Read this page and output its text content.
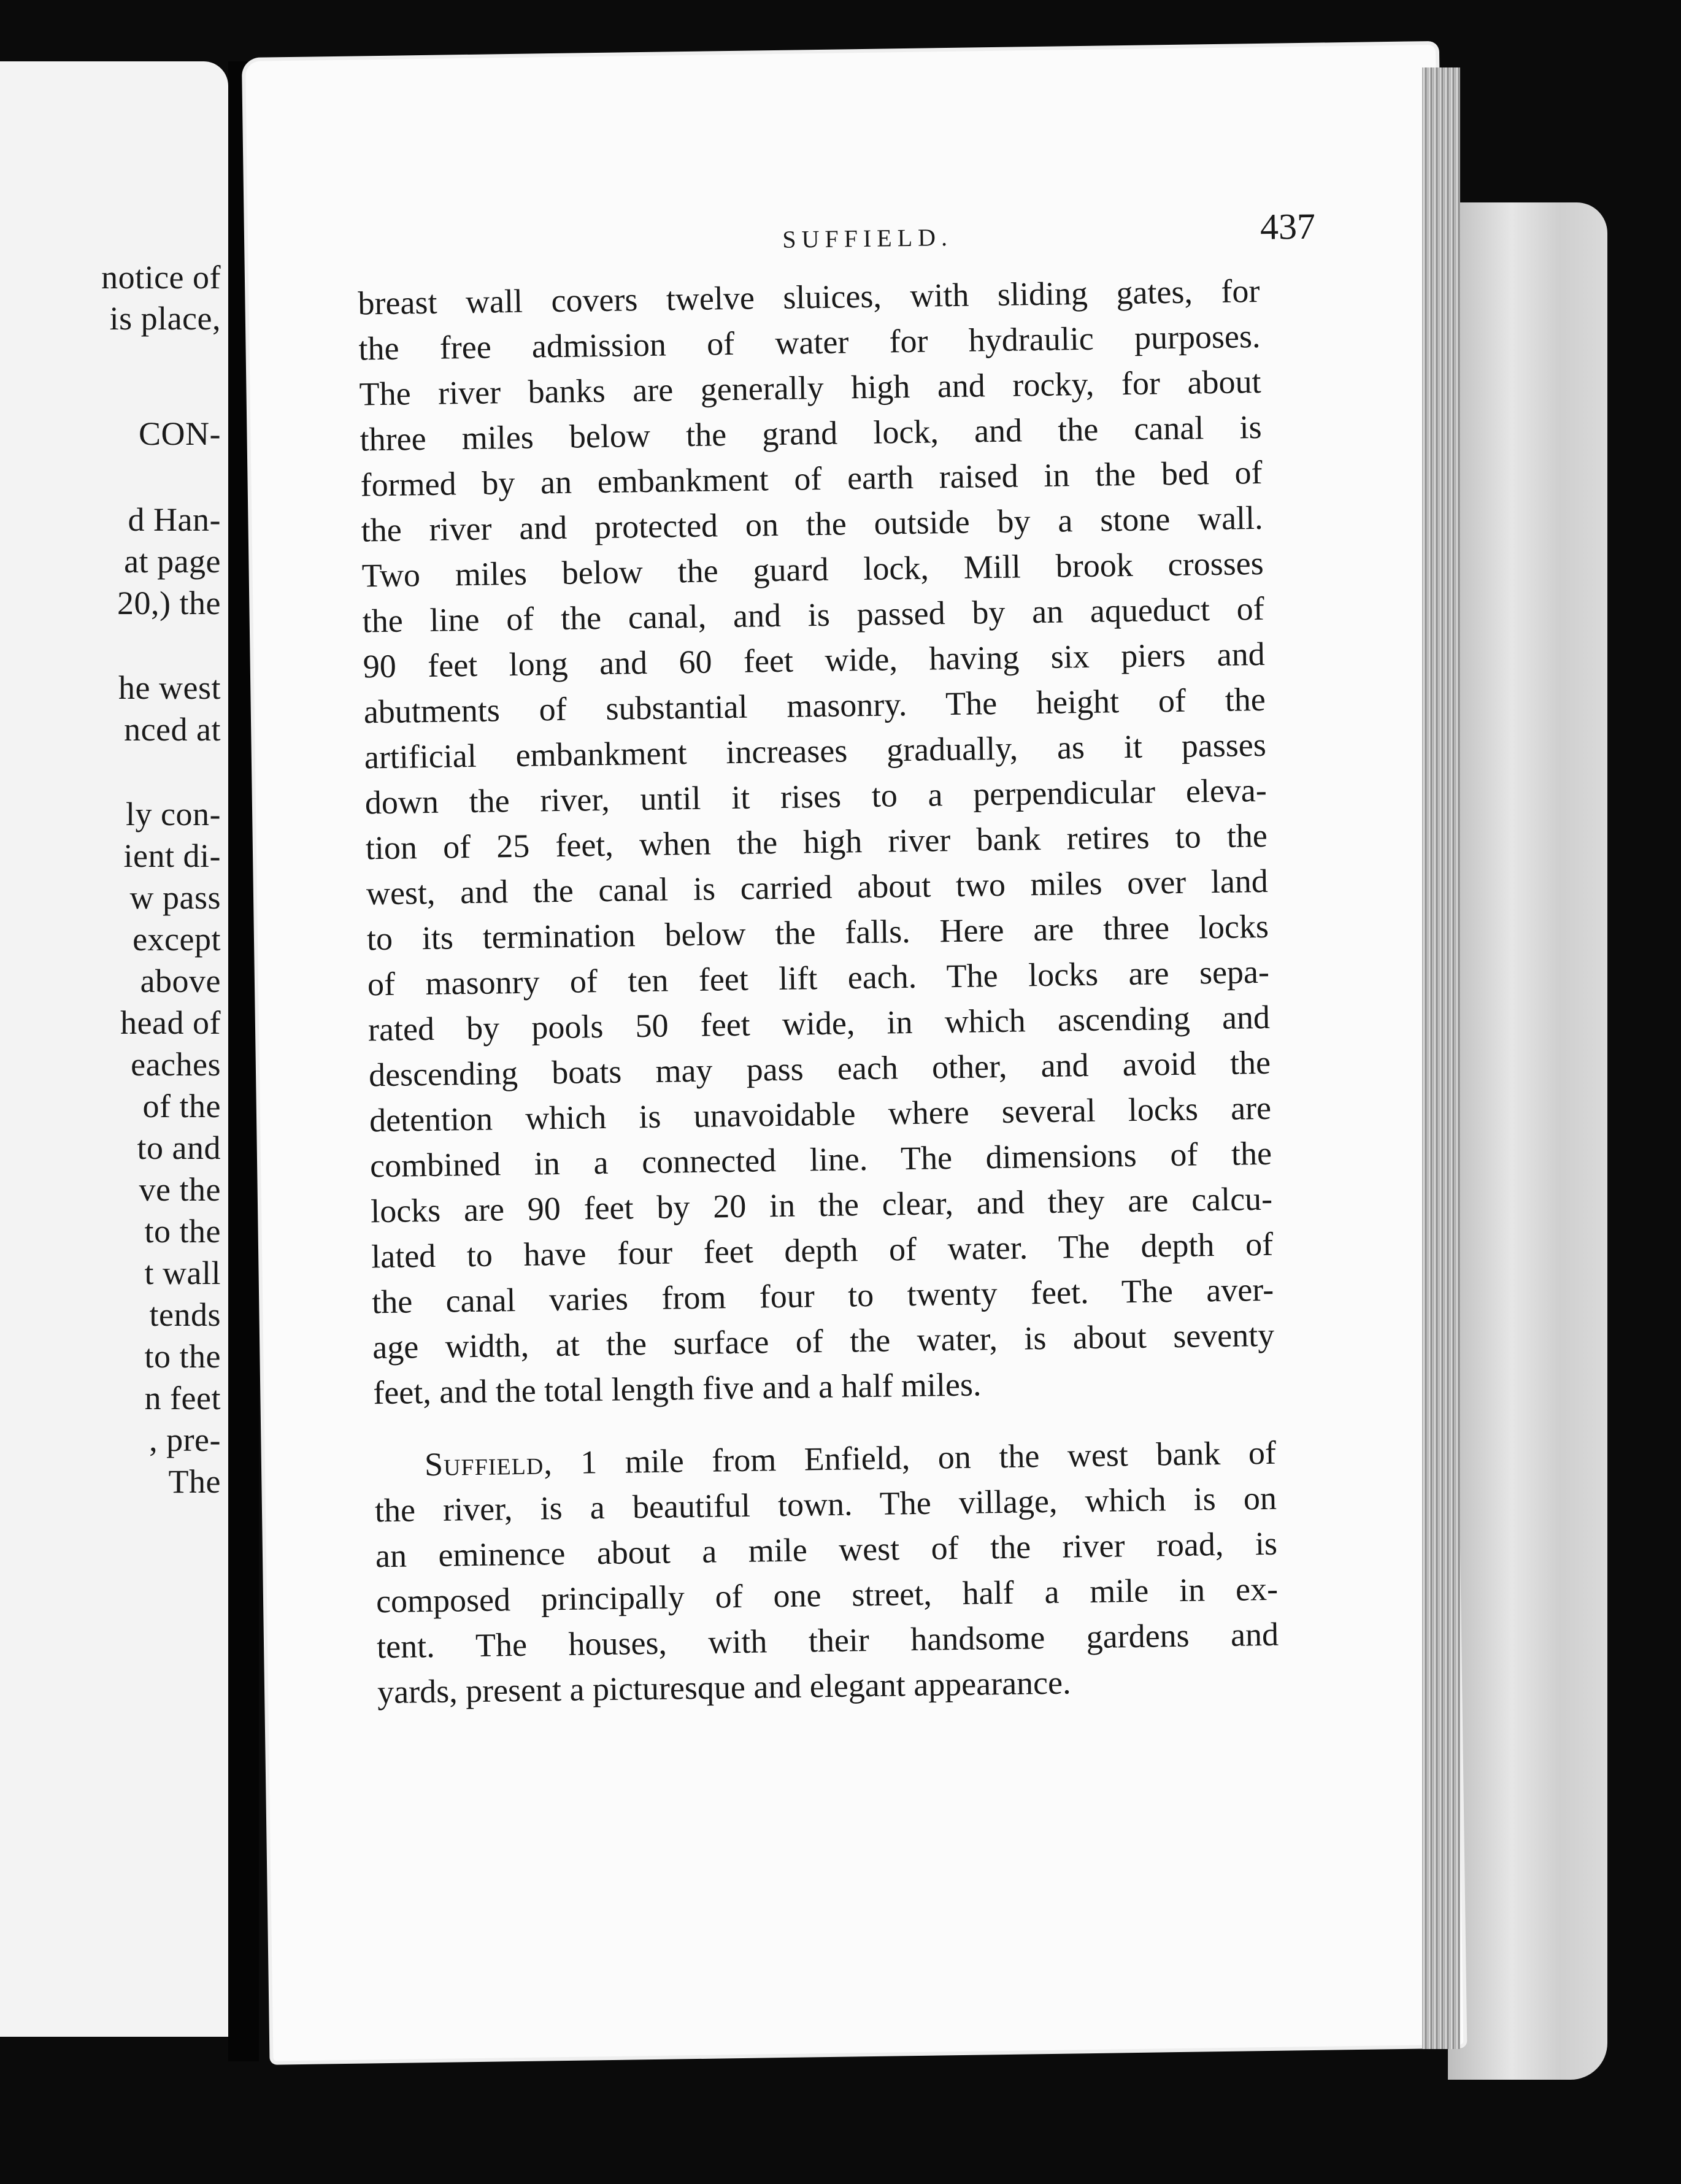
notice of
is place,
CON-
d Han-
at page
20,) the
he west
nced at
ly con-
ient di-
w pass
except
above
head of
eaches
of the
to and
ve the
to the
t wall
tends
to the
n feet
, pre-
The
SUFFIELD.	437
breast wall covers twelve sluices, with sliding gates, for
the free admission of water for hydraulic purposes.
The river banks are generally high and rocky, for about
three miles below the grand lock, and the canal is
formed by an embankment of earth raised in the bed of
the river and protected on the outside by a stone wall.
Two miles below the guard lock, Mill brook crosses
the line of the canal, and is passed by an aqueduct of
90 feet long and 60 feet wide, having six piers and
abutments of substantial masonry. The height of the
artificial embankment increases gradually, as it passes
down the river, until it rises to a perpendicular eleva-
tion of 25 feet, when the high river bank retires to the
west, and the canal is carried about two miles over land
to its termination below the falls. Here are three locks
of masonry of ten feet lift each. The locks are sepa-
rated by pools 50 feet wide, in which ascending and
descending boats may pass each other, and avoid the
detention which is unavoidable where several locks are
combined in a connected line. The dimensions of the
locks are 90 feet by 20 in the clear, and they are calcu-
lated to have four feet depth of water. The depth of
the canal varies from four to twenty feet. The aver-
age width, at the surface of the water, is about seventy
feet, and the total length five and a half miles.
Suffield, 1 mile from Enfield, on the west bank of
the river, is a beautiful town. The village, which is on
an eminence about a mile west of the river road, is
composed principally of one street, half a mile in ex-
tent. The houses, with their handsome gardens and
yards, present a picturesque and elegant appearance.
